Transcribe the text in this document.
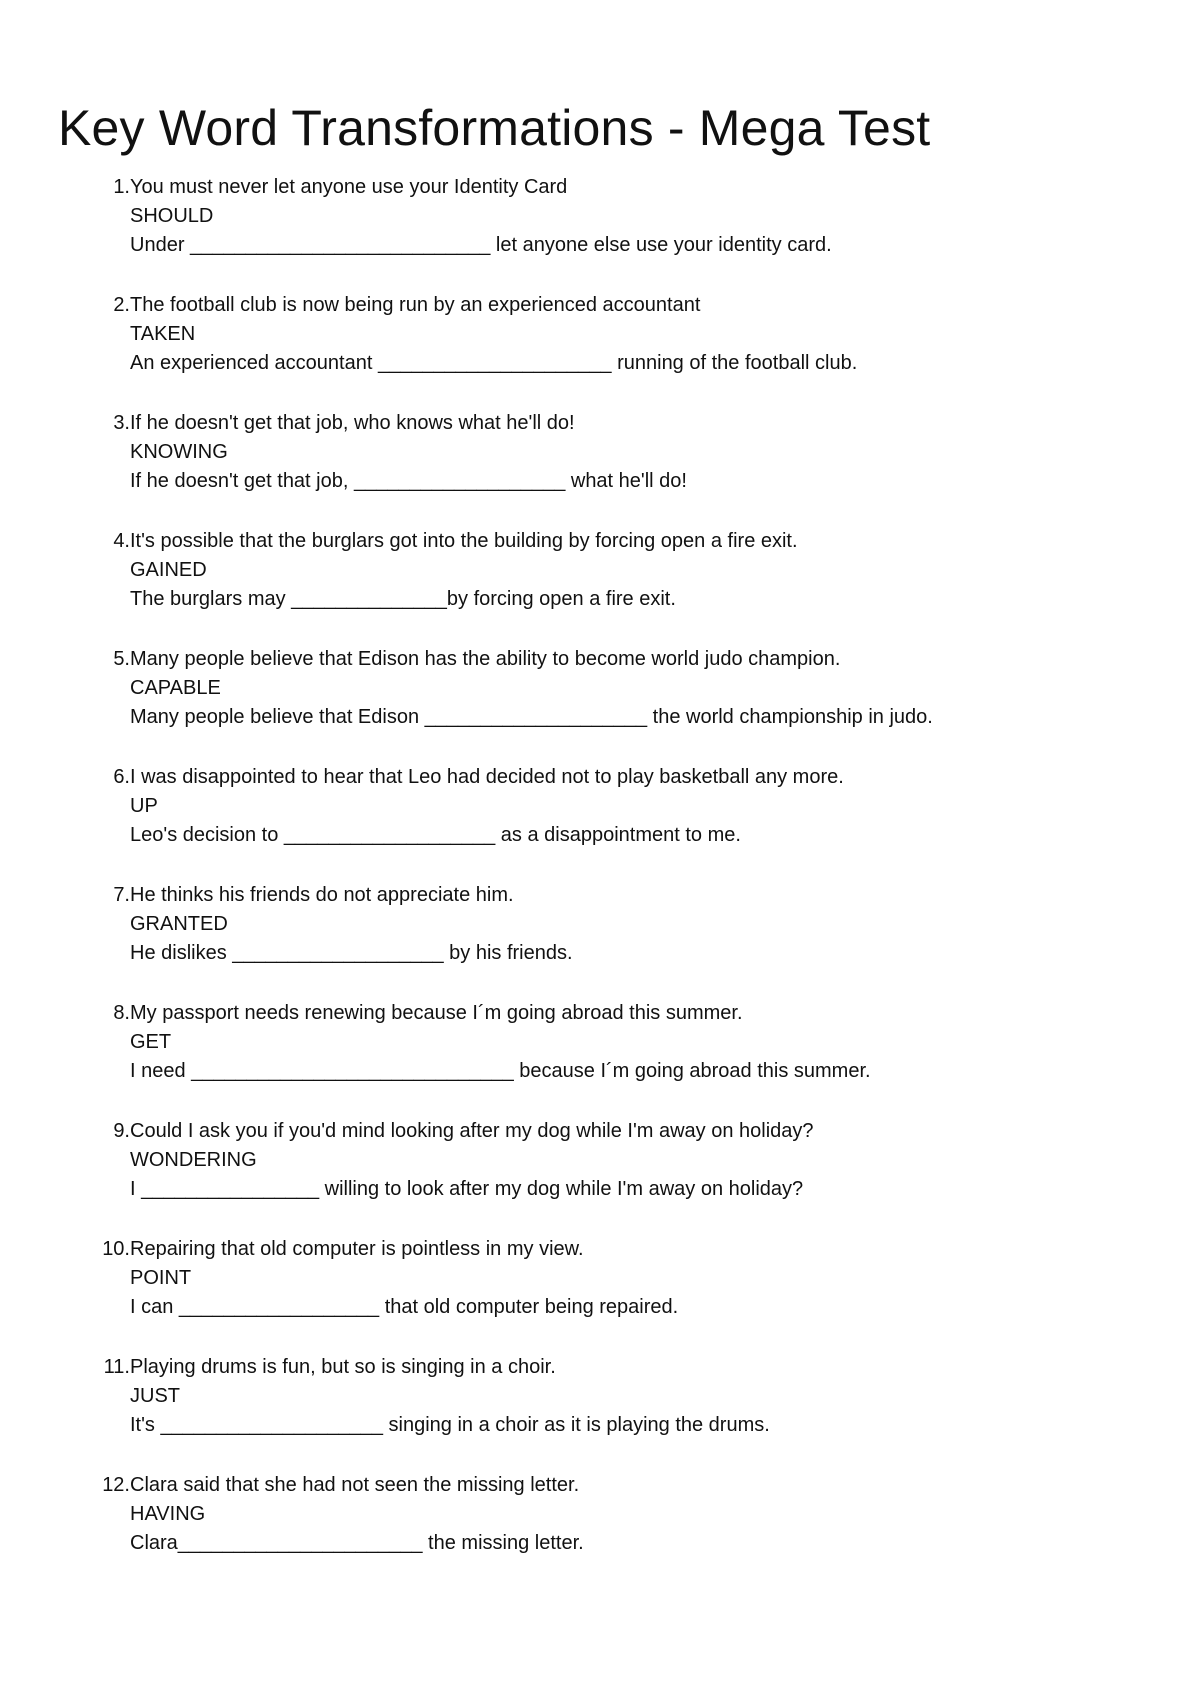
Key Word Transformations - Mega Test
1. You must never let anyone use your Identity Card
SHOULD
Under ___________________________ let anyone else use your identity card.
2. The football club is now being run by an experienced accountant
TAKEN
An experienced accountant _____________________ running of the football club.
3. If he doesn't get that job, who knows what he'll do!
KNOWING
If he doesn't get that job, ___________________ what he'll do!
4. It's possible that the burglars got into the building by forcing open a fire exit.
GAINED
The burglars may ______________by forcing open a fire exit.
5. Many people believe that Edison has the ability to become world judo champion.
CAPABLE
Many people believe that Edison ____________________ the world championship in judo.
6. I was disappointed to hear that Leo had decided not to play basketball any more.
UP
Leo's decision to ___________________ as a disappointment to me.
7. He thinks his friends do not appreciate him.
GRANTED
He dislikes ___________________ by his friends.
8. My passport needs renewing because I´m going abroad this summer.
GET
I need _____________________________ because I´m going abroad this summer.
9. Could I ask you if you'd mind looking after my dog while I'm away on holiday?
WONDERING
I ________________ willing to look after my dog while I'm away on holiday?
10. Repairing that old computer is pointless in my view.
POINT
I can __________________ that old computer being repaired.
11. Playing drums is fun, but so is singing in a choir.
JUST
It's ____________________ singing in a choir as it is playing the drums.
12. Clara said that she had not seen the missing letter.
HAVING
Clara______________________ the missing letter.
